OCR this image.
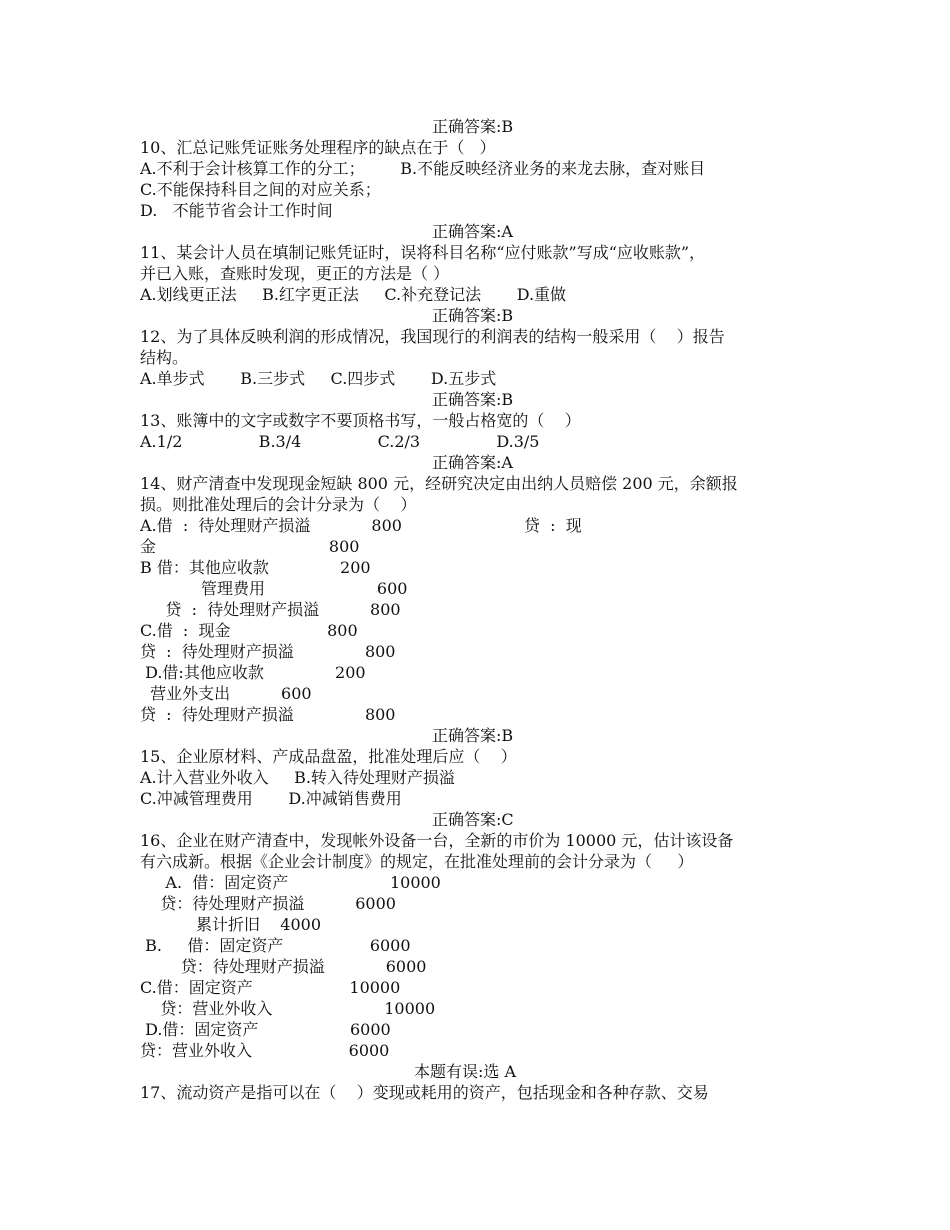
正确答案:B
10、汇总记账凭证账务处理程序的缺点在于（   ）
A.不利于会计核算工作的分工；       B.不能反映经济业务的来龙去脉，查对账目
C.不能保持科目之间的对应关系；
D.   不能节省会计工作时间
正确答案:A
11、某会计人员在填制记账凭证时，误将科目名称“应付账款”写成“应收账款”，
并已入账，查账时发现，更正的方法是（ ）
A.划线更正法     B.红字更正法     C.补充登记法       D.重做
正确答案:B
12、为了具体反映利润的形成情况，我国现行的利润表的结构一般采用（    ）报告
结构。
A.单步式       B.三步式     C.四步式       D.五步式
正确答案:B
13、账簿中的文字或数字不要顶格书写，一般占格宽的（    ）
A.1/2               B.3/4               C.2/3               D.3/5
正确答案:A
14、财产清查中发现现金短缺 800 元，经研究决定由出纳人员赔偿 200 元，余额报
损。则批准处理后的会计分录为（    ）
A.借  :  待处理财产损溢            800                        贷  :  现
金                                  800
B 借：其他应收款              200
管理费用                      600
贷  :  待处理财产损溢          800
C.借  :  现金                   800
贷  :  待处理财产损溢              800
D.借:其他应收款              200
营业外支出          600
贷  :  待处理财产损溢              800
正确答案:B
15、企业原材料、产成品盘盈，批准处理后应（    ）
A.计入营业外收入     B.转入待处理财产损溢
C.冲减管理费用       D.冲减销售费用
正确答案:C
16、企业在财产清查中，发现帐外设备一台，全新的市价为 10000 元，估计该设备
有六成新。根据《企业会计制度》的规定，在批准处理前的会计分录为（     ）
A.  借：固定资产                    10000
贷：待处理财产损溢          6000
累计折旧    4000
B.     借：固定资产                 6000
贷：待处理财产损溢            6000
C.借：固定资产                   10000
贷：营业外收入                      10000
D.借：固定资产                  6000
贷：营业外收入                   6000
本题有误:选 A
17、流动资产是指可以在（    ）变现或耗用的资产，包括现金和各种存款、交易
